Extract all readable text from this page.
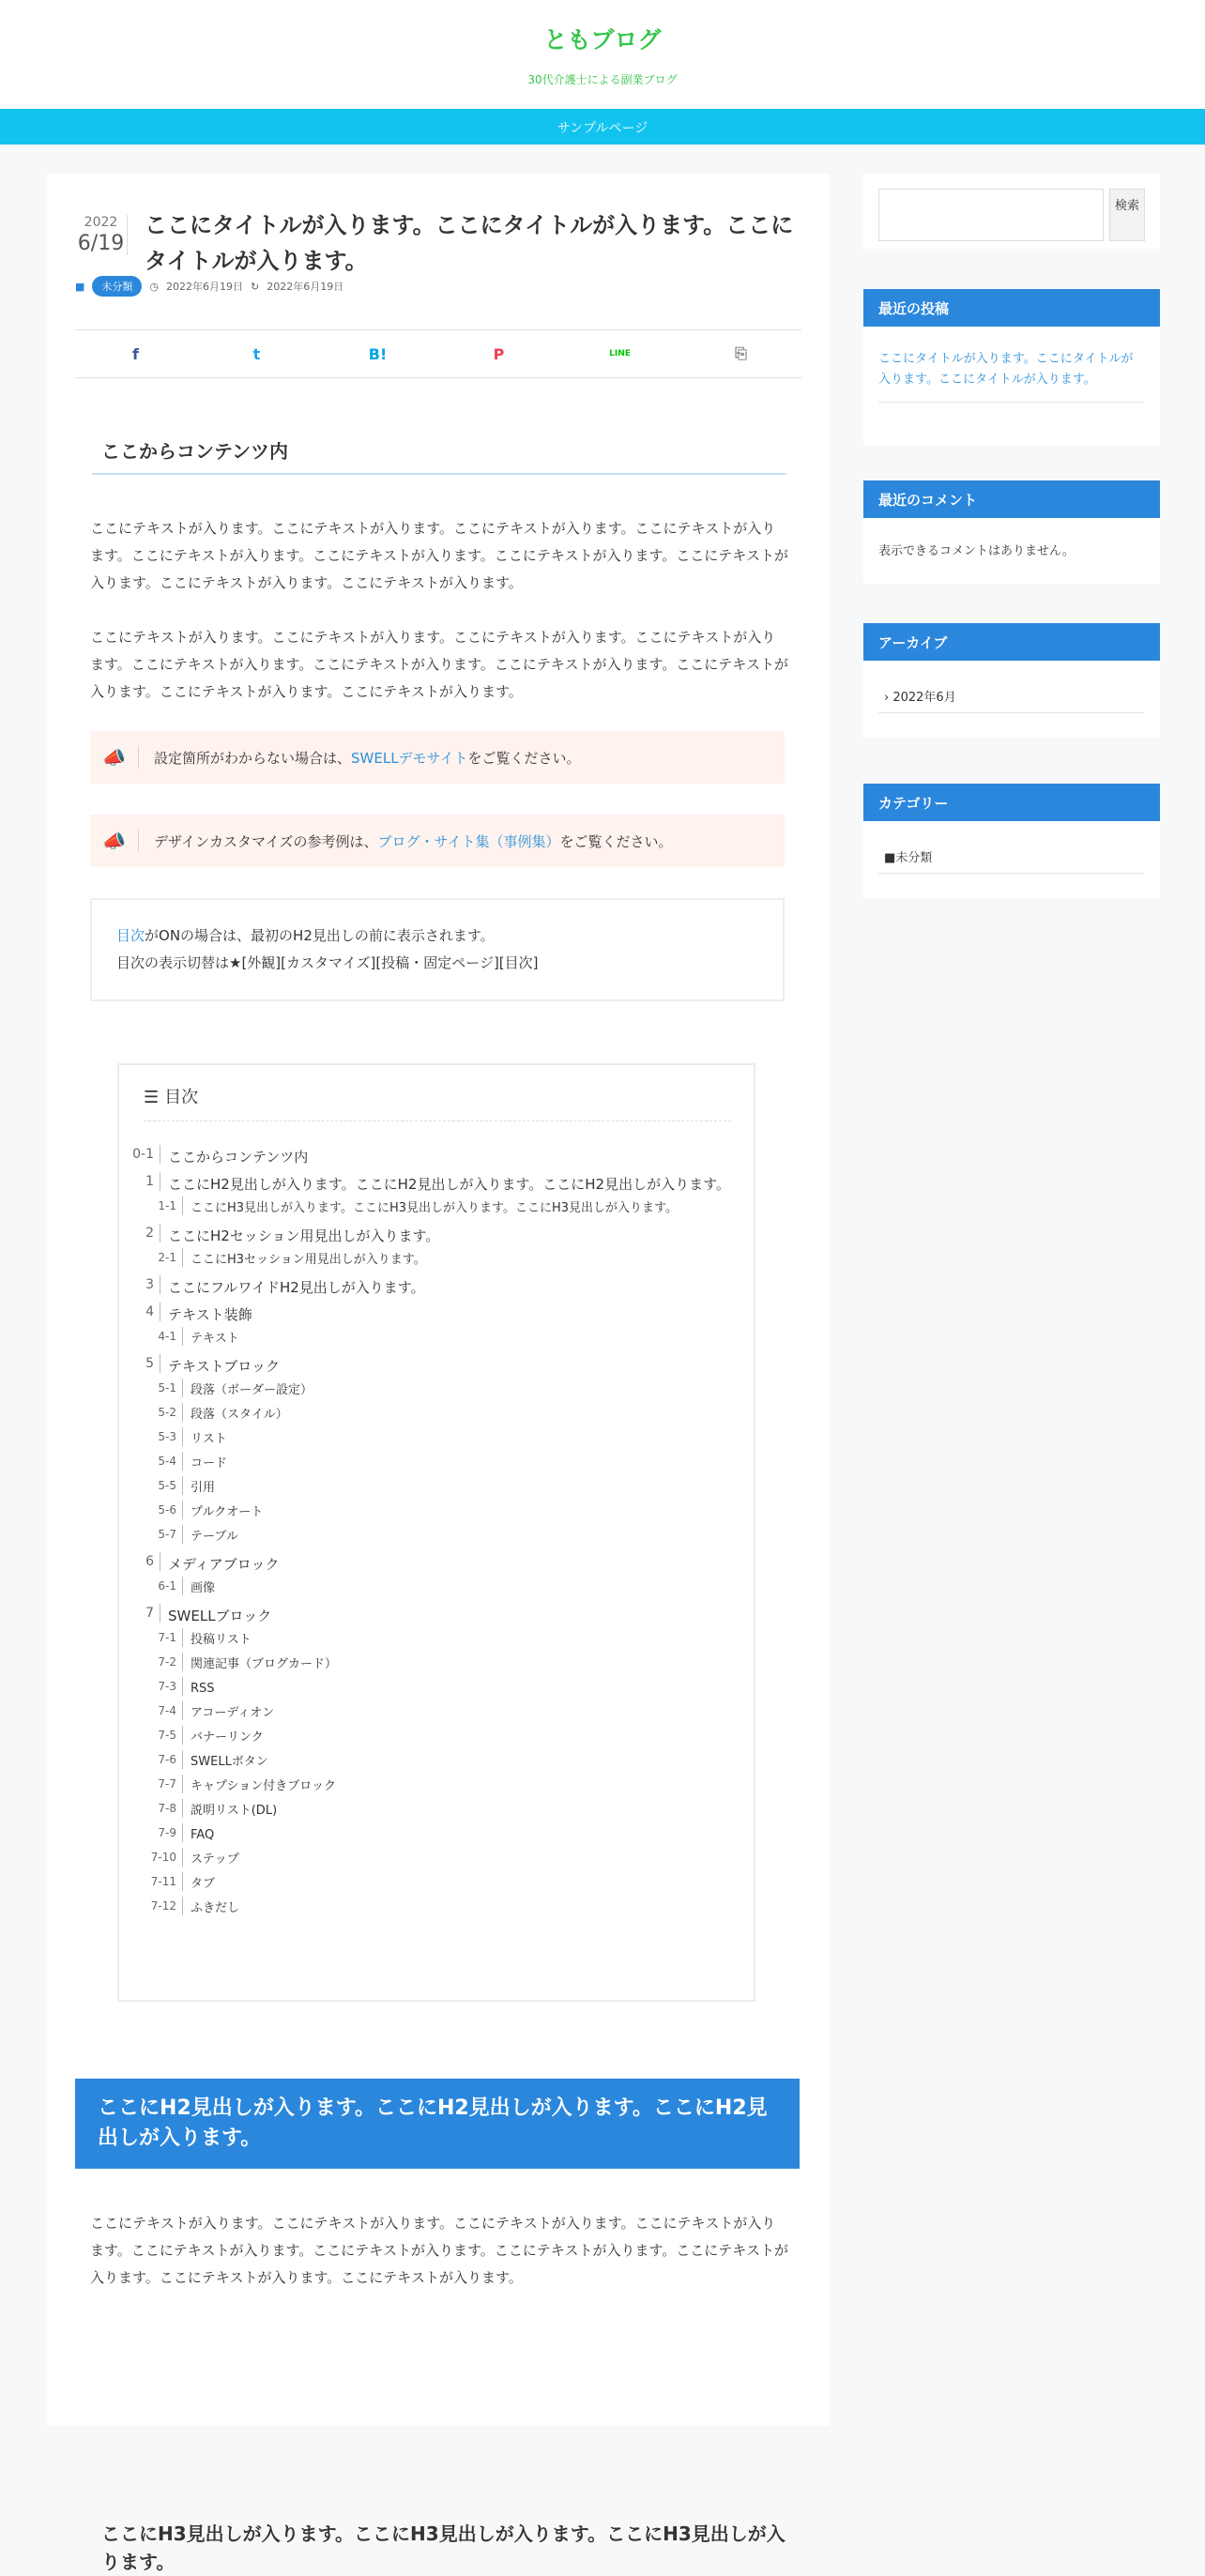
ともブログ
30代介護士による副業ブログ
サンプルページ
2022
6/19
ここにタイトルが入ります。ここにタイトルが入ります。ここにタイトルが入ります。
■	未分類	◷ 2022年6月19日 ↻ 2022年6月19日
f	t	B!	P	LINE	⎘
ここからコンテンツ内

ここにテキストが入ります。ここにテキストが入ります。ここにテキストが入ります。ここにテキストが入ります。ここにテキストが入ります。ここにテキストが入ります。ここにテキストが入ります。ここにテキストが入ります。ここにテキストが入ります。ここにテキストが入ります。

ここにテキストが入ります。ここにテキストが入ります。ここにテキストが入ります。ここにテキストが入ります。ここにテキストが入ります。ここにテキストが入ります。ここにテキストが入ります。ここにテキストが入ります。ここにテキストが入ります。ここにテキストが入ります。

📣	設定箇所がわからない場合は、SWELLデモサイトをご覧ください。
📣	デザインカスタマイズの参考例は、ブログ・サイト集（事例集）をご覧ください。
目次がONの場合は、最初のH2見出しの前に表示されます。
目次の表示切替は★[外観][カスタマイズ][投稿・固定ページ][目次]
☰ 目次
0-1	ここからコンテンツ内
1	ここにH2見出しが入ります。ここにH2見出しが入ります。ここにH2見出しが入ります。
1-1	ここにH3見出しが入ります。ここにH3見出しが入ります。ここにH3見出しが入ります。
2	ここにH2セッション用見出しが入ります。
2-1	ここにH3セッション用見出しが入ります。
3	ここにフルワイドH2見出しが入ります。
4	テキスト装飾
4-1	テキスト
5	テキストブロック
5-1	段落（ボーダー設定）
5-2	段落（スタイル）
5-3	リスト
5-4	コード
5-5	引用
5-6	プルクオート
5-7	テーブル
6	メディアブロック
6-1	画像
7	SWELLブロック
7-1	投稿リスト
7-2	関連記事（ブログカード）
7-3	RSS
7-4	アコーディオン
7-5	バナーリンク
7-6	SWELLボタン
7-7	キャプション付きブロック
7-8	説明リスト(DL)
7-9	FAQ
7-10	ステップ
7-11	タブ
7-12	ふきだし
ここにH2見出しが入ります。ここにH2見出しが入ります。ここにH2見出しが入ります。

ここにテキストが入ります。ここにテキストが入ります。ここにテキストが入ります。ここにテキストが入ります。ここにテキストが入ります。ここにテキストが入ります。ここにテキストが入ります。ここにテキストが入ります。ここにテキストが入ります。ここにテキストが入ります。

ここにH3見出しが入ります。ここにH3見出しが入ります。ここにH3見出しが入ります。
検索
最近の投稿
ここにタイトルが入ります。ここにタイトルが入ります。ここにタイトルが入ります。
最近のコメント
表示できるコメントはありません。
アーカイブ
› 2022年6月
カテゴリー
■未分類
